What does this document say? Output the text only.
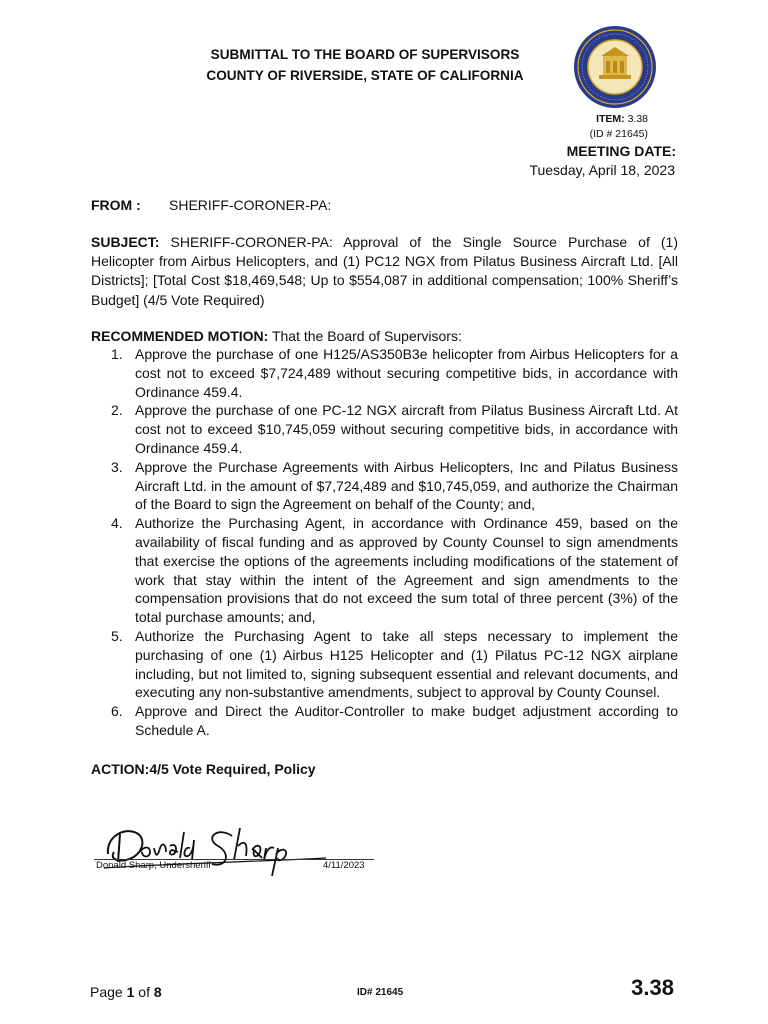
SUBMITTAL TO THE BOARD OF SUPERVISORS
COUNTY OF RIVERSIDE, STATE OF CALIFORNIA
ITEM: 3.38
(ID # 21645)
MEETING DATE:
Tuesday, April 18, 2023
FROM : SHERIFF-CORONER-PA:
SUBJECT: SHERIFF-CORONER-PA: Approval of the Single Source Purchase of (1) Helicopter from Airbus Helicopters, and (1) PC12 NGX from Pilatus Business Aircraft Ltd. [All Districts]; [Total Cost $18,469,548; Up to $554,087 in additional compensation; 100% Sheriff’s Budget] (4/5 Vote Required)
RECOMMENDED MOTION: That the Board of Supervisors:
1. Approve the purchase of one H125/AS350B3e helicopter from Airbus Helicopters for a cost not to exceed $7,724,489 without securing competitive bids, in accordance with Ordinance 459.4.
2. Approve the purchase of one PC-12 NGX aircraft from Pilatus Business Aircraft Ltd. At cost not to exceed $10,745,059 without securing competitive bids, in accordance with Ordinance 459.4.
3. Approve the Purchase Agreements with Airbus Helicopters, Inc and Pilatus Business Aircraft Ltd. in the amount of $7,724,489 and $10,745,059, and authorize the Chairman of the Board to sign the Agreement on behalf of the County; and,
4. Authorize the Purchasing Agent, in accordance with Ordinance 459, based on the availability of fiscal funding and as approved by County Counsel to sign amendments that exercise the options of the agreements including modifications of the statement of work that stay within the intent of the Agreement and sign amendments to the compensation provisions that do not exceed the sum total of three percent (3%) of the total purchase amounts; and,
5. Authorize the Purchasing Agent to take all steps necessary to implement the purchasing of one (1) Airbus H125 Helicopter and (1) Pilatus PC-12 NGX airplane including, but not limited to, signing subsequent essential and relevant documents, and executing any non-substantive amendments, subject to approval by County Counsel.
6. Approve and Direct the Auditor-Controller to make budget adjustment according to Schedule A.
ACTION:4/5 Vote Required, Policy
Donald Sharp, Undersheriff	4/11/2023
Page 1 of 8	ID# 21645	3.38
